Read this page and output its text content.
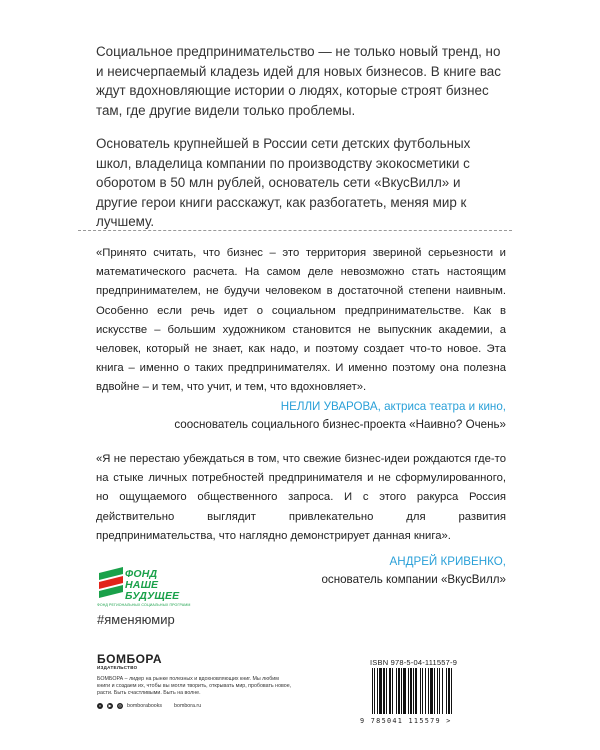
Социальное предпринимательство — не только новый тренд, но и неисчерпаемый кладезь идей для новых бизнесов. В книге вас ждут вдохновляющие истории о людях, которые строят бизнес там, где другие видели только проблемы.

Основатель крупнейшей в России сети детских футбольных школ, владелица компании по производству экокосметики с оборотом в 50 млн рублей, основатель сети «ВкусВилл» и другие герои книги расскажут, как разбогатеть, меняя мир к лучшему.

«Принято считать, что бизнес – это территория звериной серьезности и математического расчета. На самом деле невозможно стать настоящим предпринимателем, не будучи человеком в достаточной степени наивным. Особенно если речь идет о социальном предпринимательстве. Как в искусстве – большим художником становится не выпускник академии, а человек, который не знает, как надо, и поэтому создает что-то новое. Эта книга – именно о таких предпринимателях. И именно поэтому она полезна вдвойне – и тем, что учит, и тем, что вдохновляет».
НЕЛЛИ УВАРОВА, актриса театра и кино,
сооснователь социального бизнес-проекта «Наивно? Очень»
«Я не перестаю убеждаться в том, что свежие бизнес-идеи рождаются где-то на стыке личных потребностей предпринимателя и не сформулированного, но ощущаемого общественного запроса. И с этого ракурса Россия действительно выглядит привлекательно для развития предпринимательства, что наглядно демонстрирует данная книга».
АНДРЕЙ КРИВЕНКО,
основатель компании «ВкусВилл»
ФОНД
НАШЕ
БУДУЩЕЕ
ФОНД РЕГИОНАЛЬНЫХ СОЦИАЛЬНЫХ ПРОГРАММ
#яменяюмир
БОМБОРА
ИЗДАТЕЛЬСТВО
БОМБОРА – лидер на рынке полезных и вдохновляющих книг. Мы любим книги и создаем их, чтобы вы могли творить, открывать мир, пробовать новое, расти. Быть счастливыми. Быть на волне.
v	▶	◎ bomborabooks bombora.ru
ISBN 978-5-04-111557-9
9 785041 115579 >
